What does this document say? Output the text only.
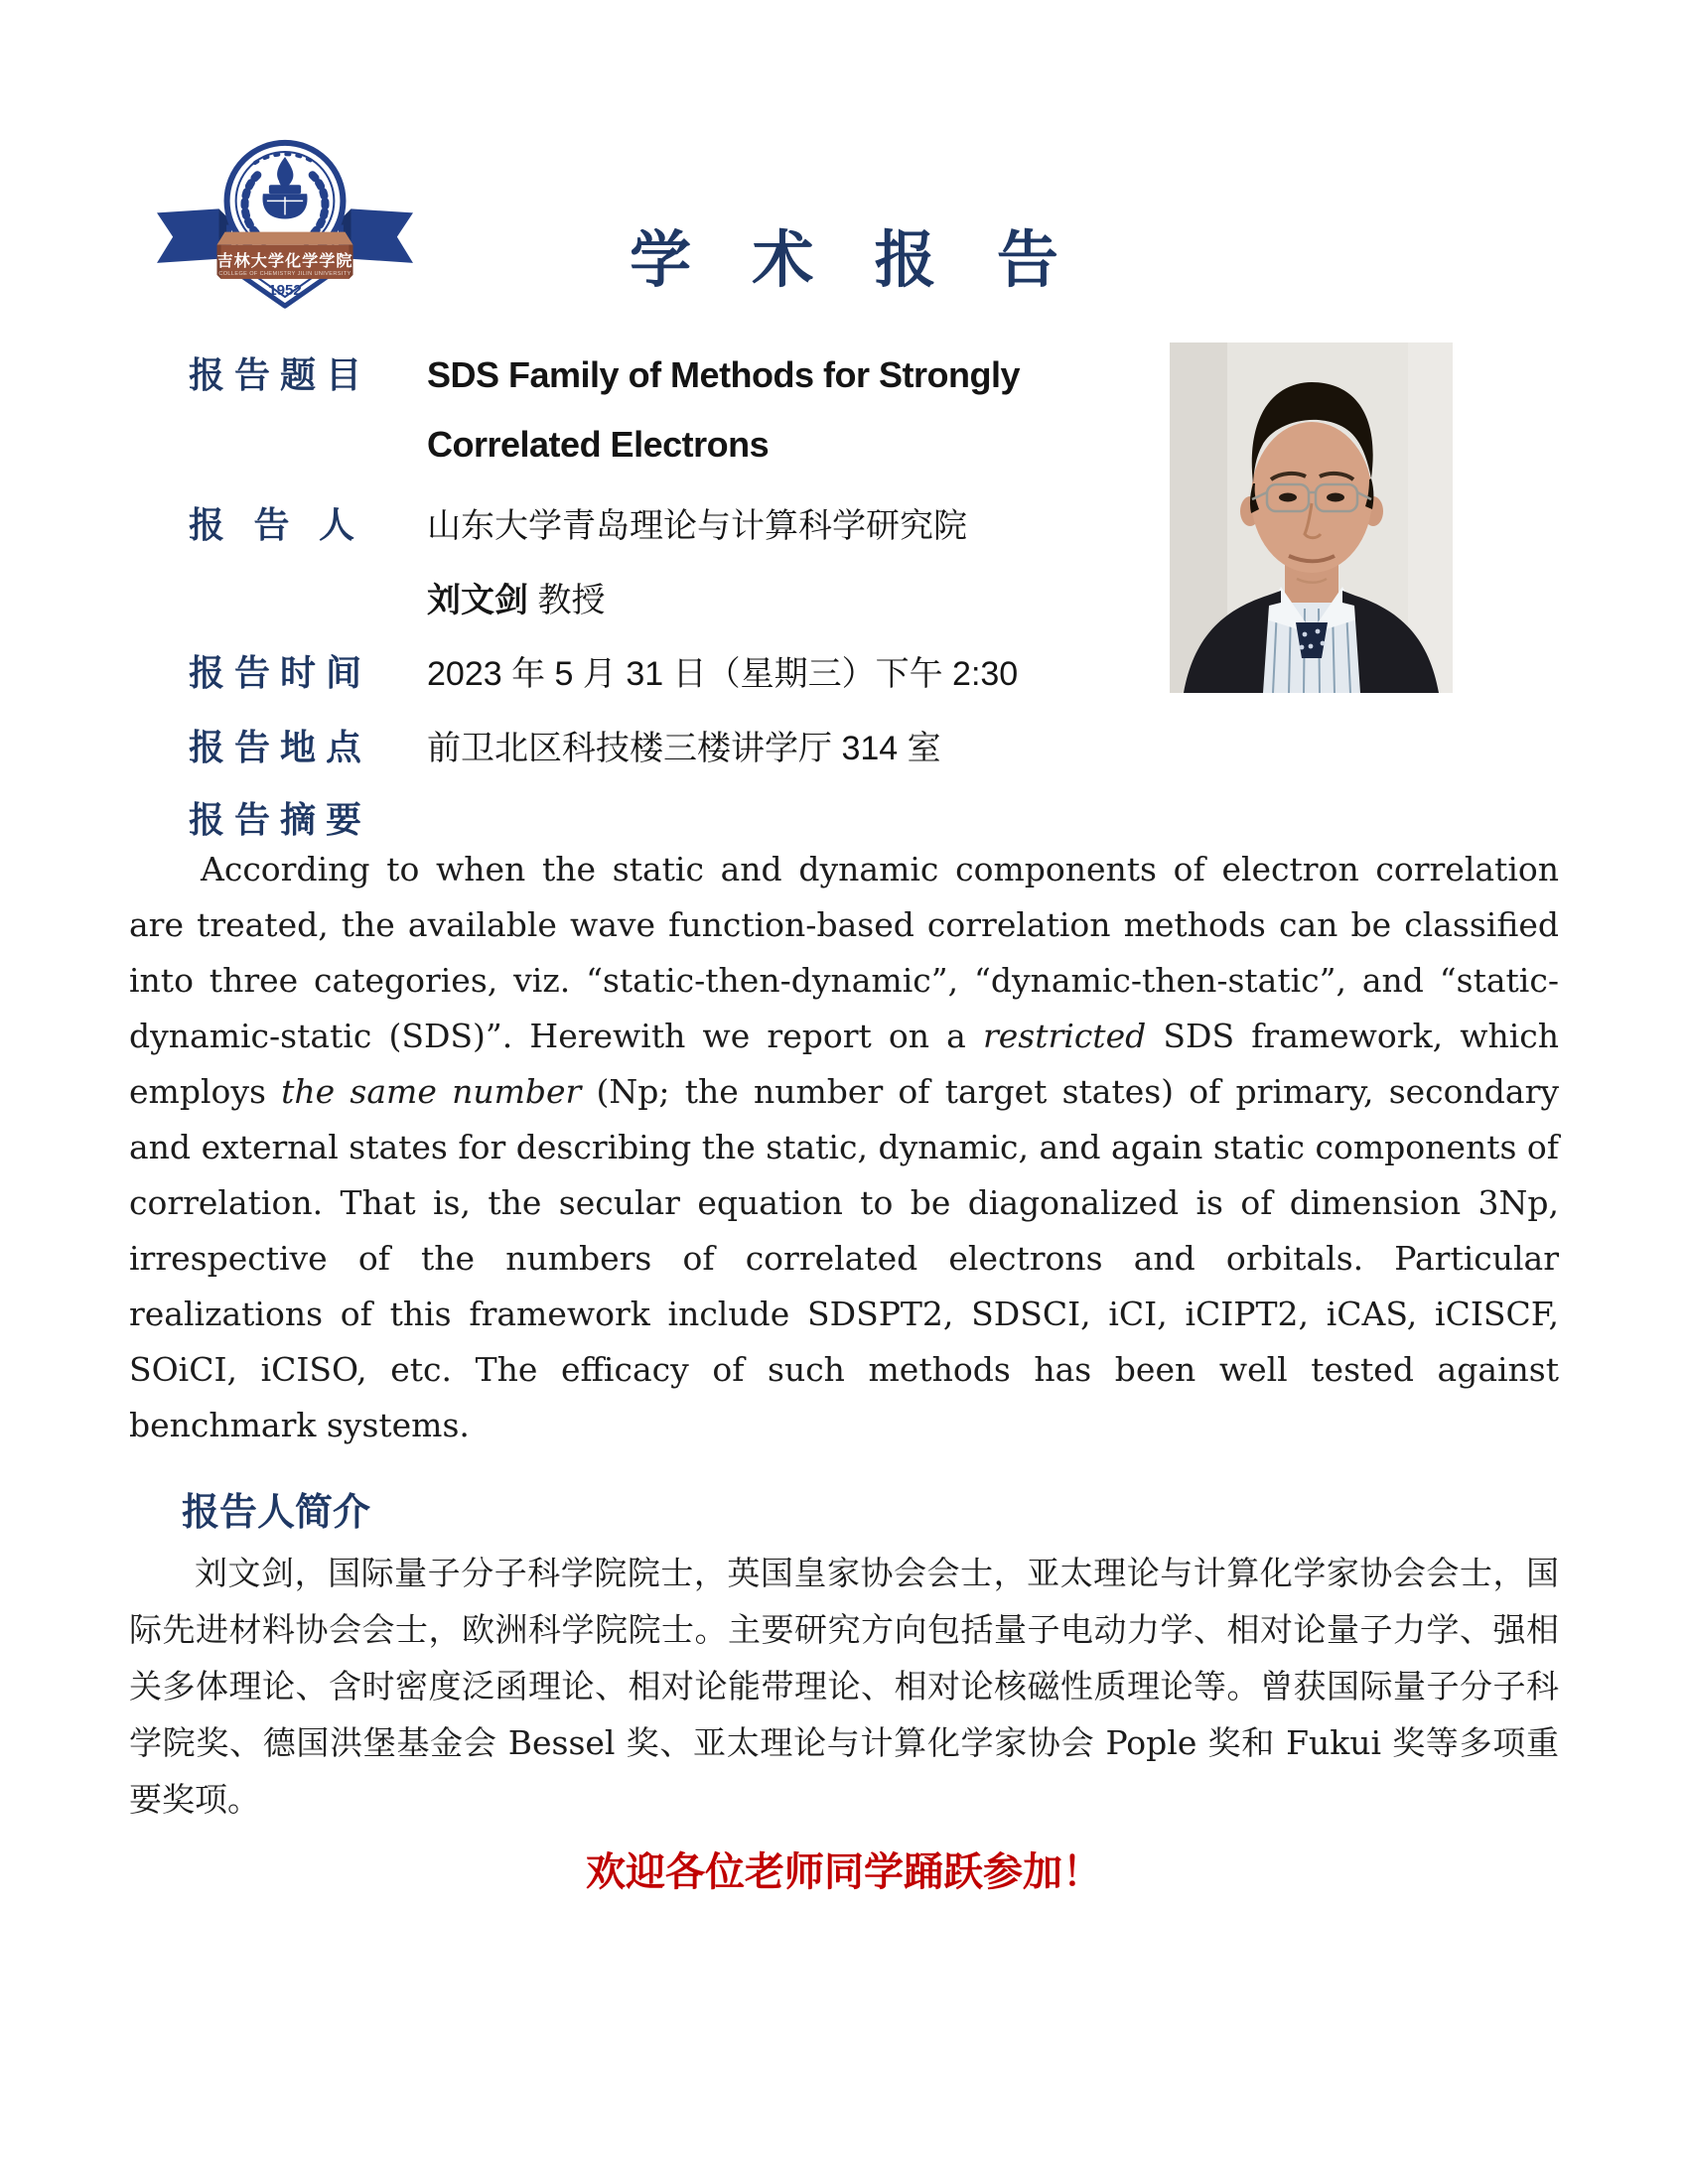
吉林大学化学学院
COLLEGE OF CHEMISTRY JILIN UNIVERSITY
1952	学 术 报 告
报 告 题 目 SDS Family of Methods for Strongly
Correlated Electrons
报 告 人 山东大学青岛理论与计算科学研究院
刘文剑 教授
报 告 时 间 2023 年 5 月 31 日（星期三）下午 2:30
报 告 地 点 前卫北区科技楼三楼讲学厅 314 室
报 告 摘 要

According to when the static and dynamic components of electron correlation are treated, the available wave function-based correlation methods can be classified into three categories, viz. “static-then-dynamic”, “dynamic-then-static”, and “static-dynamic-static (SDS)”. Herewith we report on a restricted SDS framework, which employs the same number (Np; the number of target states) of primary, secondary and external states for describing the static, dynamic, and again static components of correlation. That is, the secular equation to be diagonalized is of dimension 3Np, irrespective of the numbers of correlated electrons and orbitals. Particular realizations of this framework include SDSPT2, SDSCI, iCI, iCIPT2, iCAS, iCISCF, SOiCI, iCISO, etc. The efficacy of such methods has been well tested against benchmark systems.

报告人简介

刘文剑，国际量子分子科学院院士，英国皇家协会会士，亚太理论与计算化学家协会会士，国际先进材料协会会士，欧洲科学院院士。主要研究方向包括量子电动力学、相对论量子力学、强相关多体理论、含时密度泛函理论、相对论能带理论、相对论核磁性质理论等。曾获国际量子分子科学院奖、德国洪堡基金会 Bessel 奖、亚太理论与计算化学家协会 Pople 奖和 Fukui 奖等多项重要奖项。

欢迎各位老师同学踊跃参加！
